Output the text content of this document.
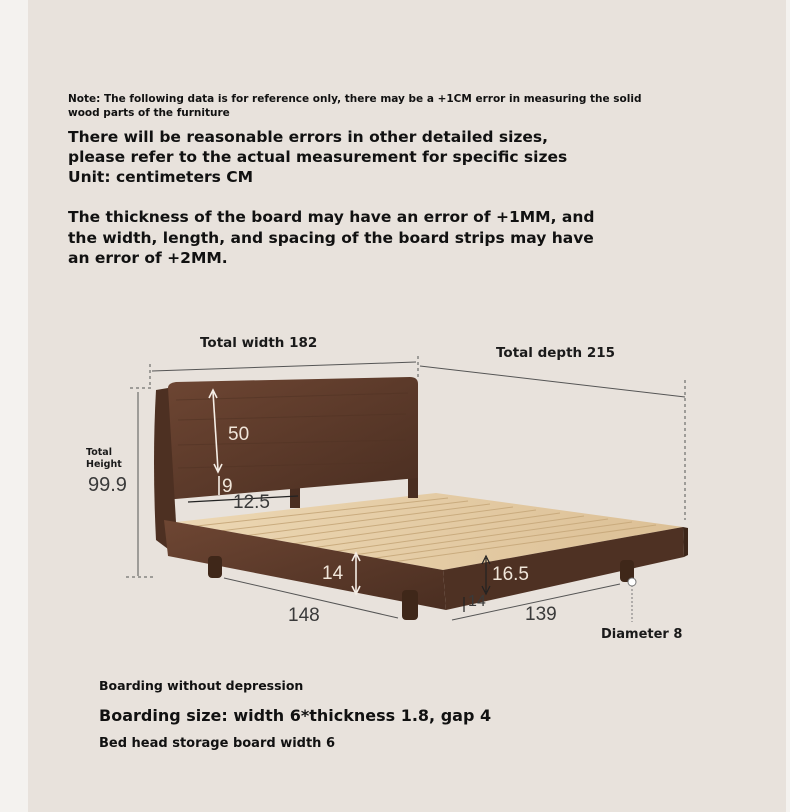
Note: The following data is for reference only, there may be a +1CM error in measuring the solid wood parts of the furniture
There will be reasonable errors in other detailed sizes,
please refer to the actual measurement for specific sizes
Unit: centimeters CM
The thickness of the board may have an error of +1MM, and
the width, length, and spacing of the board strips may have
an error of +2MM.
Total width 182
Total depth 215
Total
Height
99.9
50
9
12.5
14	16.5
14
148	139
Diameter 8
Boarding without depression
Boarding size: width 6*thickness 1.8, gap 4
Bed head storage board width 6
